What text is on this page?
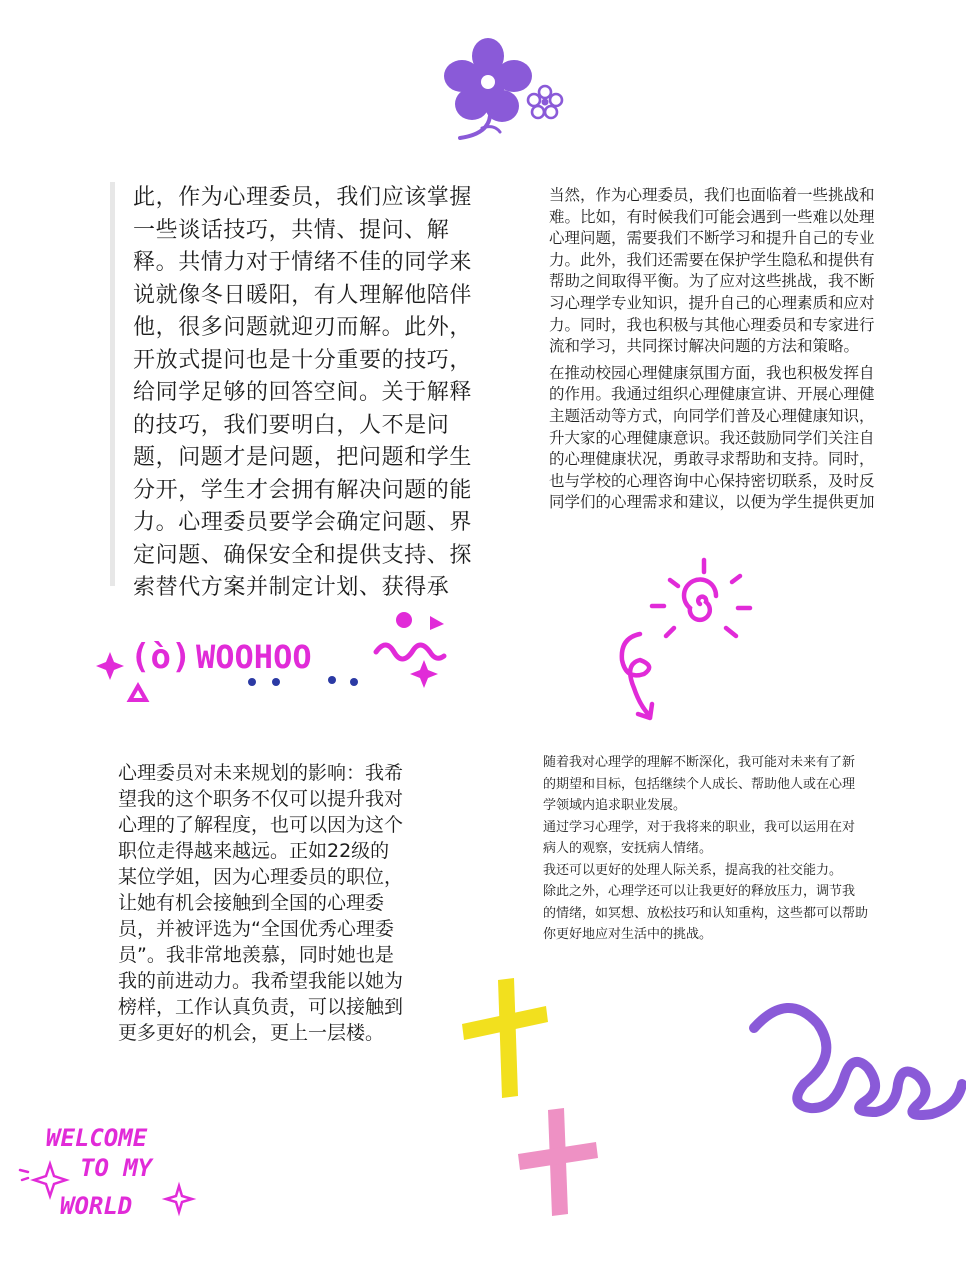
此，作为心理委员，我们应该掌握

一些谈话技巧，共情、提问、解

释。共情力对于情绪不佳的同学来

说就像冬日暖阳，有人理解他陪伴

他，很多问题就迎刃而解。此外，

开放式提问也是十分重要的技巧，

给同学足够的回答空间。关于解释

的技巧，我们要明白，人不是问

题，问题才是问题，把问题和学生

分开，学生才会拥有解决问题的能

力。心理委员要学会确定问题、界

定问题、确保安全和提供支持、探

索替代方案并制定计划、获得承

当然，作为心理委员，我们也面临着一些挑战和
难。比如，有时候我们可能会遇到一些难以处理
心理问题，需要我们不断学习和提升自己的专业
力。此外，我们还需要在保护学生隐私和提供有
帮助之间取得平衡。为了应对这些挑战，我不断
习心理学专业知识，提升自己的心理素质和应对
力。同时，我也积极与其他心理委员和专家进行
流和学习，共同探讨解决问题的方法和策略。

在推动校园心理健康氛围方面，我也积极发挥自
的作用。我通过组织心理健康宣讲、开展心理健
主题活动等方式，向同学们普及心理健康知识，
升大家的心理健康意识。我还鼓励同学们关注自
的心理健康状况，勇敢寻求帮助和支持。同时，
也与学校的心理咨询中心保持密切联系，及时反
同学们的心理需求和建议，以便为学生提供更加

心理委员对未来规划的影响：我希
望我的这个职务不仅可以提升我对
心理的了解程度，也可以因为这个
职位走得越来越远。正如22级的
某位学姐，因为心理委员的职位，
让她有机会接触到全国的心理委
员，并被评选为“全国优秀心理委
员”。我非常地羡慕，同时她也是
我的前进动力。我希望我能以她为
榜样，工作认真负责，可以接触到
更多更好的机会，更上一层楼。

随着我对心理学的理解不断深化，我可能对未来有了新
的期望和目标，包括继续个人成长、帮助他人或在心理
学领域内追求职业发展。
通过学习心理学，对于我将来的职业，我可以运用在对
病人的观察，安抚病人情绪。
我还可以更好的处理人际关系，提高我的社交能力。
除此之外，心理学还可以让我更好的释放压力，调节我
的情绪，如冥想、放松技巧和认知重构，这些都可以帮助
你更好地应对生活中的挑战。

(ὸ) WOOHOO
WELCOME
TO MY
WORLD
